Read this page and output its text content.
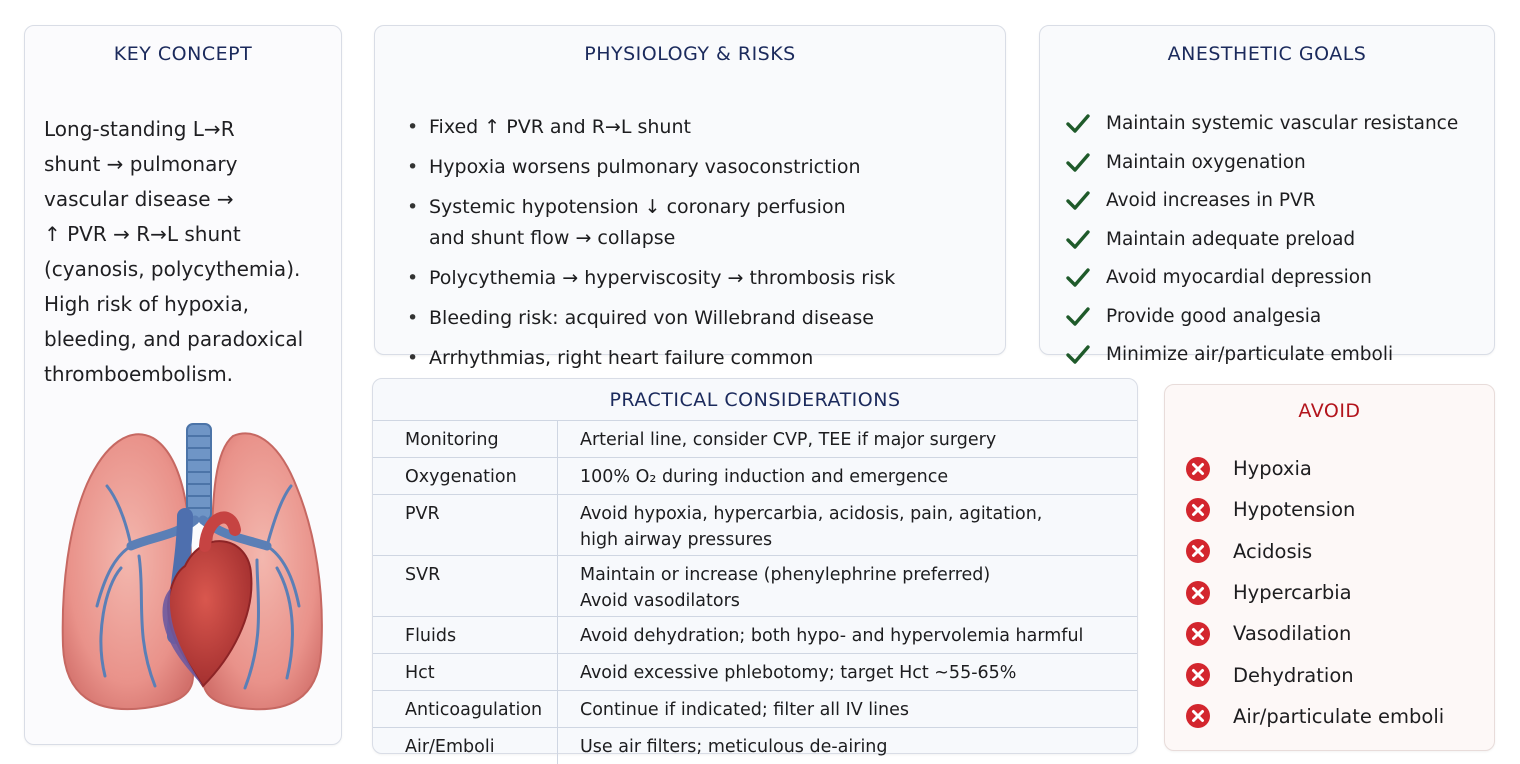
KEY CONCEPT
Long-standing L→R
shunt → pulmonary
vascular disease →
↑ PVR → R→L shunt
(cyanosis, polycythemia).
High risk of hypoxia,
bleeding, and paradoxical
thromboembolism.
PHYSIOLOGY & RISKS
• Fixed ↑ PVR and R→L shunt
• Hypoxia worsens pulmonary vasoconstriction
• Systemic hypotension ↓ coronary perfusion
and shunt flow → collapse
• Polycythemia → hyperviscosity → thrombosis risk
• Bleeding risk: acquired von Willebrand disease
• Arrhythmias, right heart failure common
ANESTHETIC GOALS
Maintain systemic vascular resistance
Maintain oxygenation
Avoid increases in PVR
Maintain adequate preload
Avoid myocardial depression
Provide good analgesia
Minimize air/particulate emboli
PRACTICAL CONSIDERATIONS
Monitoring	Arterial line, consider CVP, TEE if major surgery

Oxygenation	100% O₂ during induction and emergence

PVR	Avoid hypoxia, hypercarbia, acidosis, pain, agitation,
high airway pressures

SVR	Maintain or increase (phenylephrine preferred)
Avoid vasodilators

Fluids	Avoid dehydration; both hypo- and hypervolemia harmful

Hct	Avoid excessive phlebotomy; target Hct ~55-65%

Anticoagulation	Continue if indicated; filter all IV lines

Air/Emboli	Use air filters; meticulous de-airing
AVOID
Hypoxia
Hypotension
Acidosis
Hypercarbia
Vasodilation
Dehydration
Air/particulate emboli
